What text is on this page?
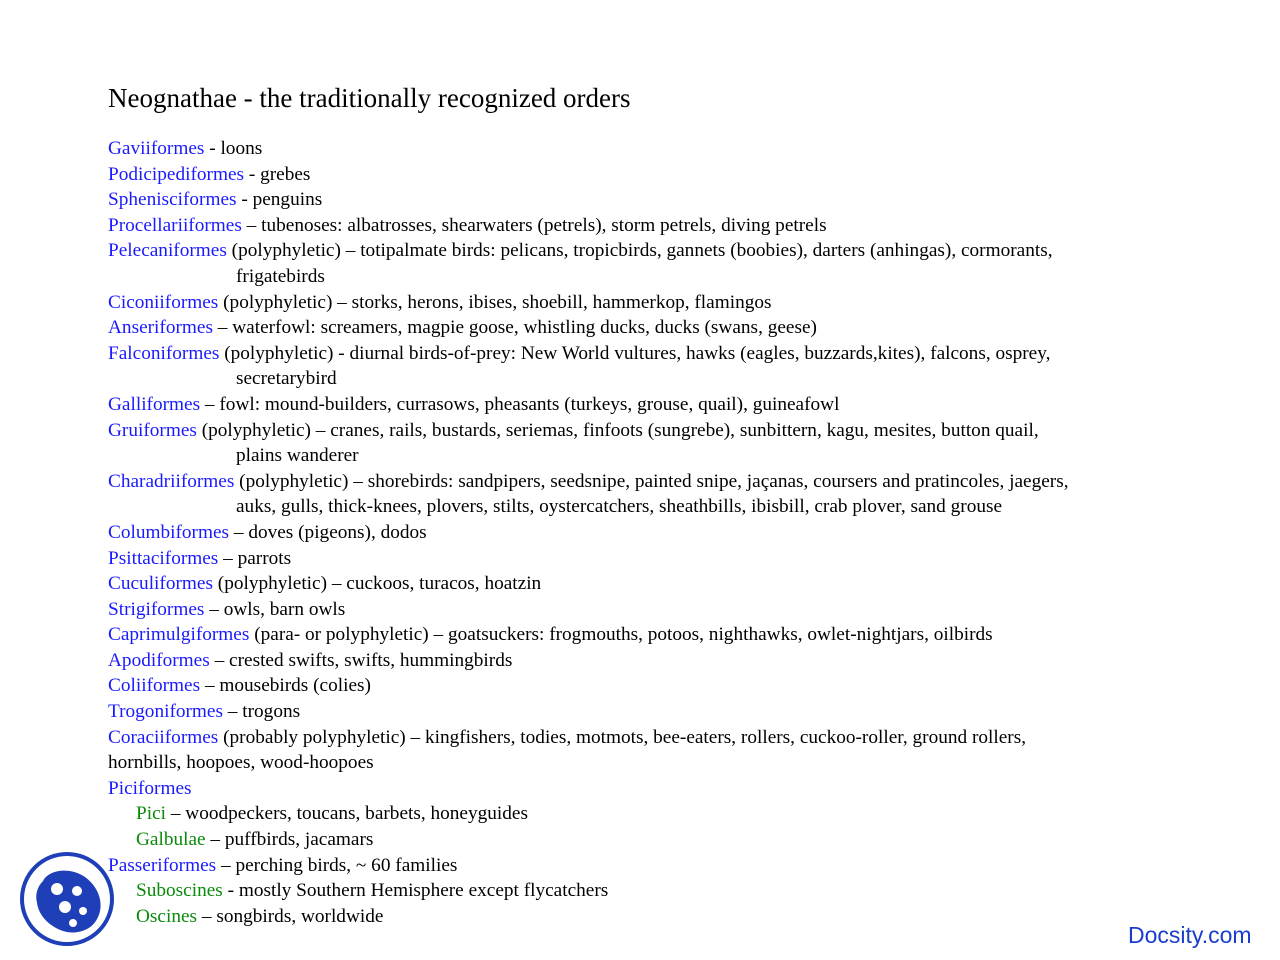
Neognathae - the traditionally recognized orders
Gaviiformes - loons
Podicipediformes - grebes
Sphenisciformes - penguins
Procellariiformes – tubenoses: albatrosses, shearwaters (petrels), storm petrels, diving petrels
Pelecaniformes (polyphyletic) – totipalmate birds: pelicans, tropicbirds, gannets (boobies), darters (anhingas), cormorants,
frigatebirds
Ciconiiformes (polyphyletic) – storks, herons, ibises, shoebill, hammerkop, flamingos
Anseriformes – waterfowl: screamers, magpie goose, whistling ducks, ducks (swans, geese)
Falconiformes (polyphyletic) - diurnal birds-of-prey: New World vultures, hawks (eagles, buzzards,kites), falcons, osprey,
secretarybird
Galliformes – fowl: mound-builders, currasows, pheasants (turkeys, grouse, quail), guineafowl
Gruiformes (polyphyletic) – cranes, rails, bustards, seriemas, finfoots (sungrebe), sunbittern, kagu, mesites, button quail,
plains wanderer
Charadriiformes (polyphyletic) – shorebirds: sandpipers, seedsnipe, painted snipe, jaçanas, coursers and pratincoles, jaegers,
auks, gulls, thick-knees, plovers, stilts, oystercatchers, sheathbills, ibisbill, crab plover, sand grouse
Columbiformes – doves (pigeons), dodos
Psittaciformes – parrots
Cuculiformes (polyphyletic) – cuckoos, turacos, hoatzin
Strigiformes – owls, barn owls
Caprimulgiformes (para- or polyphyletic) – goatsuckers: frogmouths, potoos, nighthawks, owlet-nightjars, oilbirds
Apodiformes – crested swifts, swifts, hummingbirds
Coliiformes – mousebirds (colies)
Trogoniformes – trogons
Coraciiformes (probably polyphyletic) – kingfishers, todies, motmots, bee-eaters, rollers, cuckoo-roller, ground rollers,
hornbills, hoopoes, wood-hoopoes
Piciformes
Pici – woodpeckers, toucans, barbets, honeyguides
Galbulae – puffbirds, jacamars
Passeriformes – perching birds, ~ 60 families
Suboscines - mostly Southern Hemisphere except flycatchers
Oscines – songbirds, worldwide
Docsity.com
